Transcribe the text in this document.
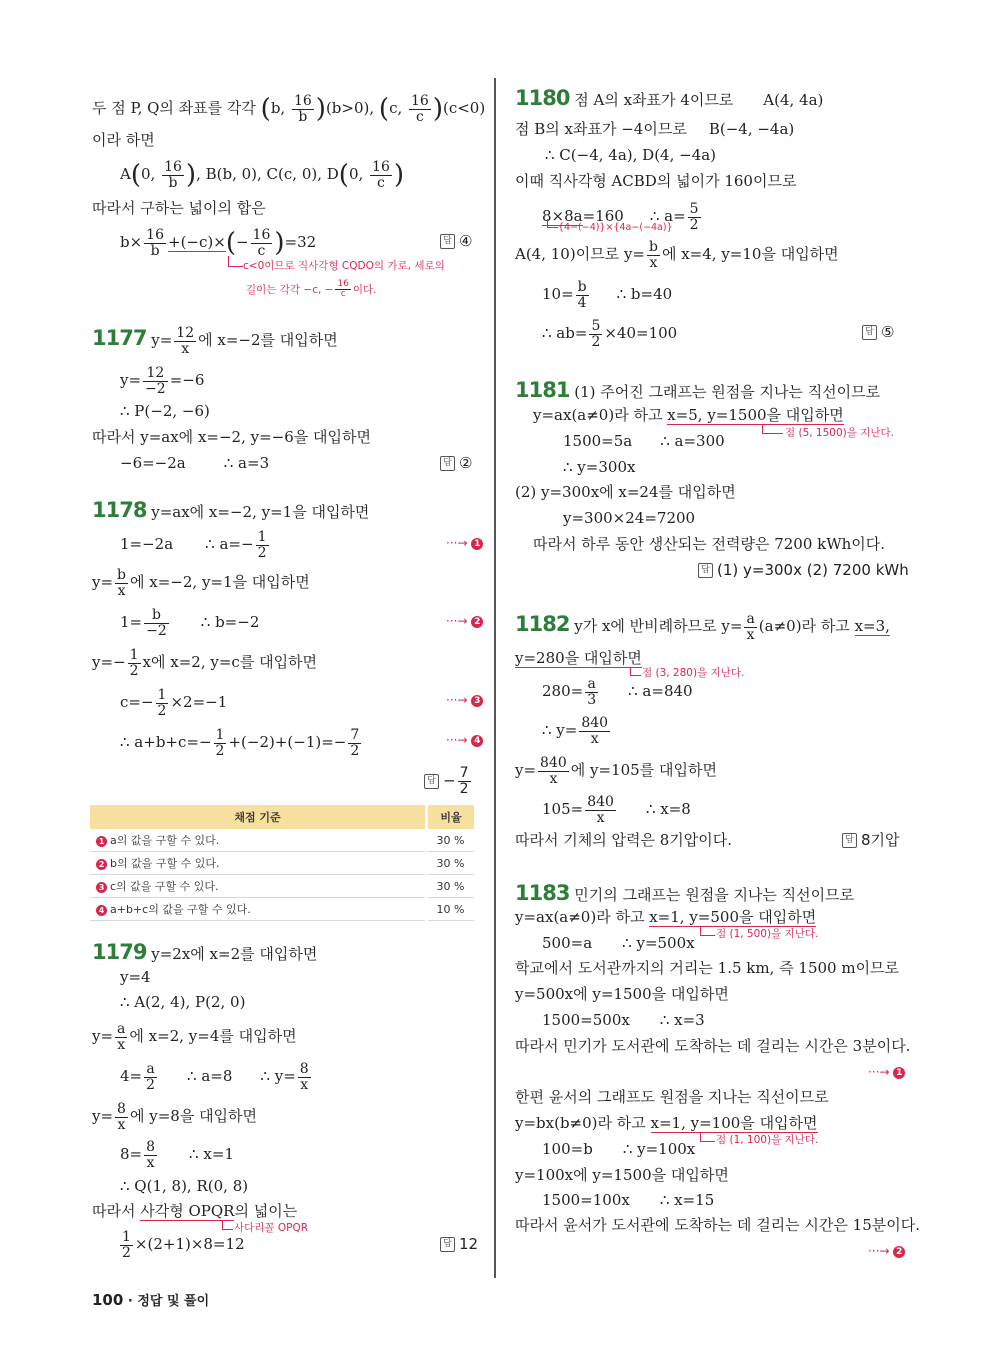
두 점 P, Q의 좌표를 각각 (b, $\frac{16}{b} )(b>0)$, (c, $\frac{16}{c} )(c<0)$
이라 하면
A(0, $\frac{16}{b}$ ), B(b, 0), C(c, 0), D(0, $\frac{16}{c}$ )
따라서 구하는 넓이의 합은
$b\times \frac{16}{b} +(-c)\times(- \frac{16}{c} )=32$	답 ④
c<0이므로 직사각형 CQDO의 가로, 세로의
길이는 각각 −c, − $\frac{16}{c}$ 이다.
1177 $y= \frac{12}{x}$ 에 x=−2를 대입하면
$y= \frac{12}{-2} =-6$
∴ P(−2, −6)
따라서 y=ax에 x=−2, y=−6을 대입하면
−6=−2a	∴ a=3	답 ②
1178 y=ax에 x=−2, y=1을 대입하면
1=−2a ∴ $a=- \frac{1}{2}$	···→ 1
$y= \frac{b}{x}$ 에 x=−2, y=1을 대입하면
$1= \frac{b}{-2}$ ∴ b=−2	···→ 2
$y=- \frac{1}{2}$ x에 x=2, y=c를 대입하면
$c=- \frac{1}{2} \times 2=-1$	···→ 3
∴ $a+b+c=- \frac{1}{2} +(-2)+(-1)=- \frac{7}{2}$	···→ 4
답 − $\frac{7}{2}$
채점 기준	비율
1 a의 값을 구할 수 있다.	30 %
2 b의 값을 구할 수 있다.	30 %
3 c의 값을 구할 수 있다.	30 %
4 a+b+c의 값을 구할 수 있다.	10 %
1179 y=2x에 x=2를 대입하면
y=4
∴ A(2, 4), P(2, 0)
$y= \frac{a}{x}$ 에 x=2, y=4를 대입하면
$4= \frac{a}{2}$ ∴ a=8 ∴ $y= \frac{8}{x}$
$y= \frac{8}{x}$ 에 y=8을 대입하면
$8= \frac{8}{x}$ ∴ x=1
∴ Q(1, 8), R(0, 8)
따라서 사각형 OPQR의 넓이는
사다리꼴 OPQR
$\frac{1}{2} \times(2+1)\times 8=12$	답 12
1180 점 A의 x좌표가 4이므로 A(4, 4a)
점 B의 x좌표가 −4이므로 B(−4, −4a)
∴ C(−4, 4a), D(4, −4a)
이때 직사각형 ACBD의 넓이가 160이므로
8×8a=160 ∴ $a= \frac{5}{2}$
{4−(−4)}×{4a−(−4a)}
A(4, 10)이므로 $y= \frac{b}{x}$ 에 x=4, y=10을 대입하면
$10= \frac{b}{4}$ ∴ b=40
∴ $ab= \frac{5}{2} \times 40=100$	답 ⑤
1181 (1) 주어진 그래프는 원점을 지나는 직선이므로
y=ax(a≠0)라 하고 x=5, y=1500을 대입하면
점 (5, 1500)을 지난다.
1500=5a ∴ a=300
∴ y=300x
(2) y=300x에 x=24를 대입하면
y=300×24=7200
따라서 하루 동안 생산되는 전력량은 7200 kWh이다.
답 (1) y=300x (2) 7200 kWh
1182 y가 x에 반비례하므로 $y= \frac{a}{x} (a\ne 0)$라 하고 x=3,
y=280을 대입하면
점 (3, 280)을 지난다.
$280= \frac{a}{3}$ ∴ a=840
∴ $y= \frac{840}{x}$
$y= \frac{840}{x}$ 에 y=105를 대입하면
$105= \frac{840}{x}$ ∴ x=8
따라서 기체의 압력은 8기압이다.	답 8기압
1183 민기의 그래프는 원점을 지나는 직선이므로
y=ax(a≠0)라 하고 x=1, y=500을 대입하면
점 (1, 500)을 지난다.
500=a ∴ y=500x
학교에서 도서관까지의 거리는 1.5 km, 즉 1500 m이므로
y=500x에 y=1500을 대입하면
1500=500x ∴ x=3
따라서 민기가 도서관에 도착하는 데 걸리는 시간은 3분이다.
···→ 1
한편 윤서의 그래프도 원점을 지나는 직선이므로
y=bx(b≠0)라 하고 x=1, y=100을 대입하면
점 (1, 100)을 지난다.
100=b ∴ y=100x
y=100x에 y=1500을 대입하면
1500=100x ∴ x=15
따라서 윤서가 도서관에 도착하는 데 걸리는 시간은 15분이다.
···→ 2
100 · 정답 및 풀이
